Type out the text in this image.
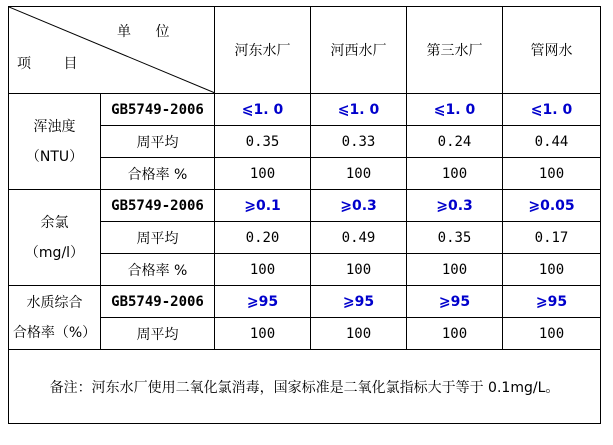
单 位
项 目		河东水厂	河西水厂	第三水厂	管网水

浑浊度
（NTU）	GB5749-2006	⩽1. 0	⩽1. 0	⩽1. 0	⩽1. 0
	周平均	0.35	0.33	0.24	0.44
	合格率 %	100	100	100	100

余氯
（mg/l）	GB5749-2006	⩾0.1	⩾0.3	⩾0.3	⩾0.05
	周平均	0.20	0.49	0.35	0.17
	合格率 %	100	100	100	100

水质综合
合格率（%）	GB5749-2006	⩾95	⩾95	⩾95	⩾95
	周平均	100	100	100	100
备注：河东水厂使用二氧化氯消毒，国家标准是二氧化氯指标大于等于 0.1mg/L。					
